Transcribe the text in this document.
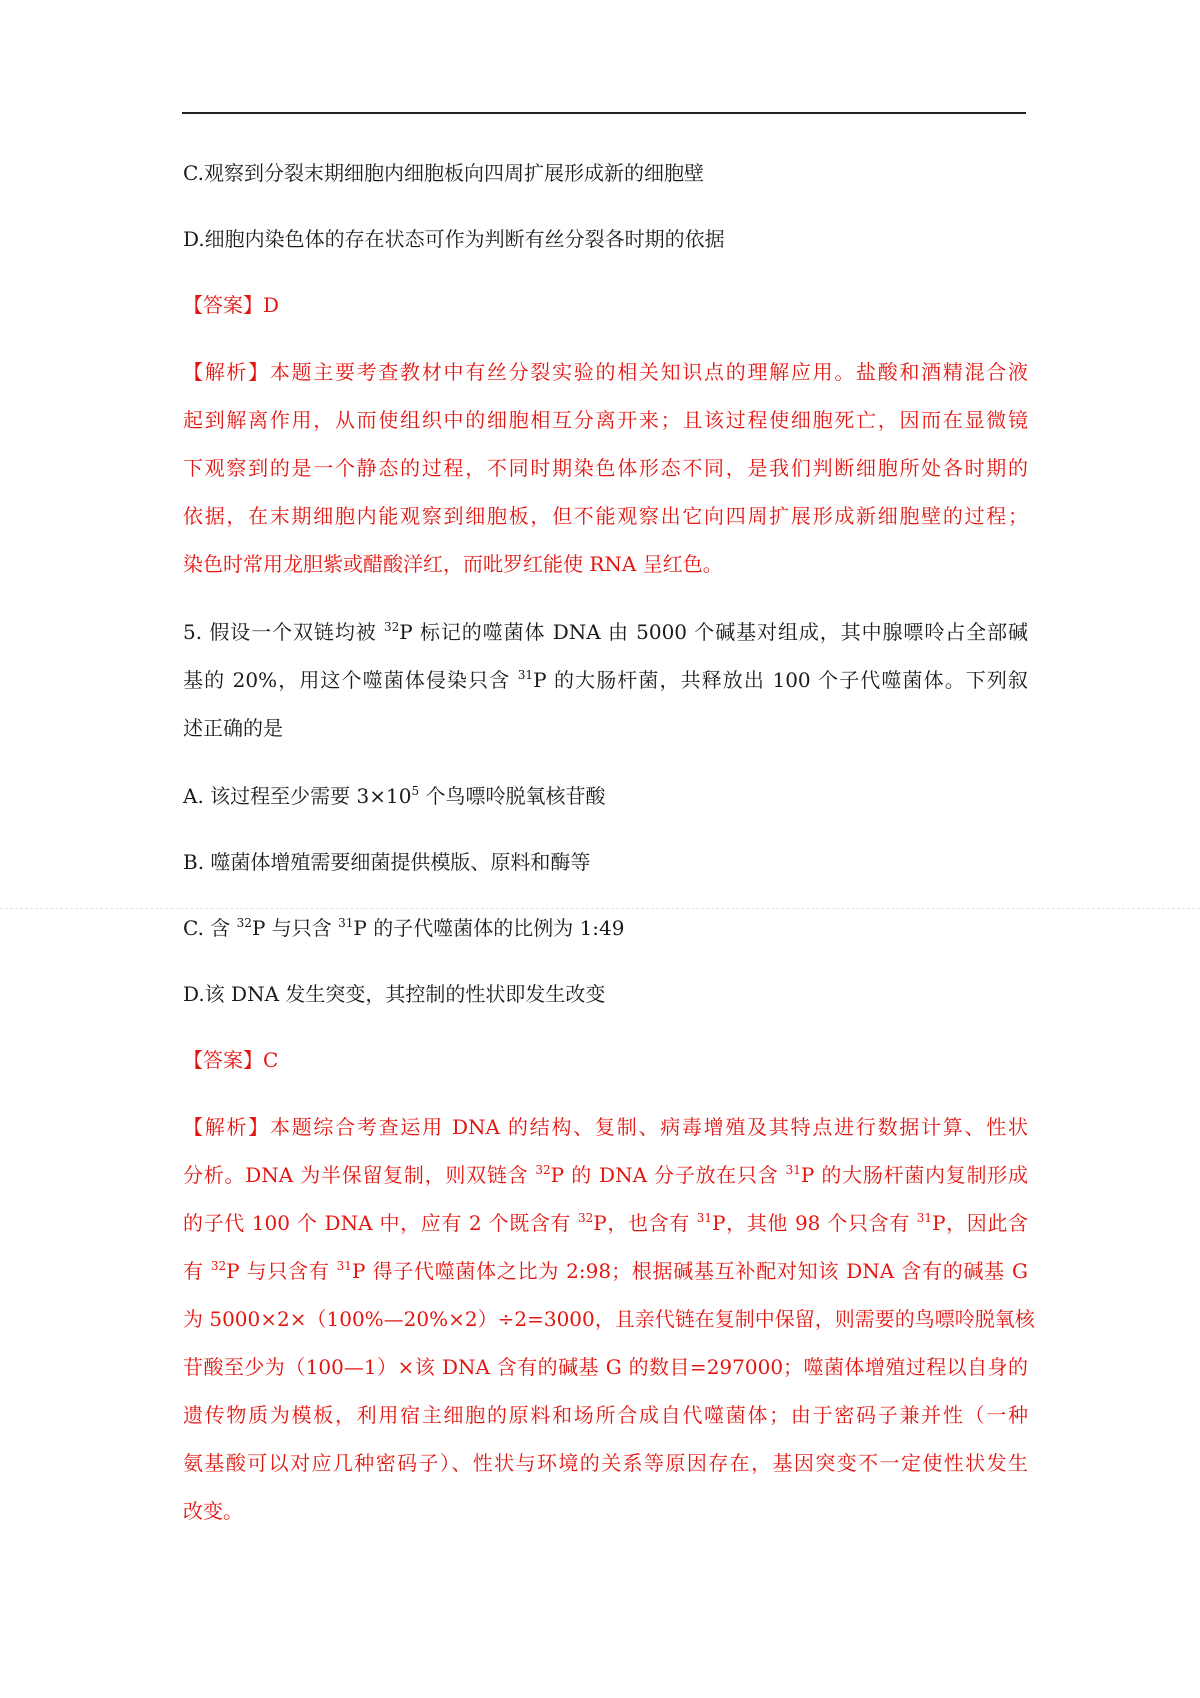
C.观察到分裂末期细胞内细胞板向四周扩展形成新的细胞壁
D.细胞内染色体的存在状态可作为判断有丝分裂各时期的依据
【答案】D
【解析】本题主要考查教材中有丝分裂实验的相关知识点的理解应用。盐酸和酒精混合液
起到解离作用，从而使组织中的细胞相互分离开来；且该过程使细胞死亡，因而在显微镜
下观察到的是一个静态的过程，不同时期染色体形态不同，是我们判断细胞所处各时期的
依据，在末期细胞内能观察到细胞板，但不能观察出它向四周扩展形成新细胞壁的过程；
染色时常用龙胆紫或醋酸洋红，而吡罗红能使 RNA 呈红色。
5. 假设一个双链均被 $^{32}$P 标记的噬菌体 DNA 由 5000 个碱基对组成，其中腺嘌呤占全部碱
基的 20%，用这个噬菌体侵染只含 $^{31}$P 的大肠杆菌，共释放出 100 个子代噬菌体。下列叙
述正确的是
A. 该过程至少需要 $3\times 10^5$ 个鸟嘌呤脱氧核苷酸
B. 噬菌体增殖需要细菌提供模版、原料和酶等
C. 含 $^{32}$P 与只含 $^{31}$P 的子代噬菌体的比例为 1:49
D.该 DNA 发生突变，其控制的性状即发生改变
【答案】C
【解析】本题综合考查运用 DNA 的结构、复制、病毒增殖及其特点进行数据计算、性状
分析。DNA 为半保留复制，则双链含 $^{32}$P 的 DNA 分子放在只含 $^{31}$P 的大肠杆菌内复制形成
的子代 100 个 DNA 中，应有 2 个既含有 $^{32}$P，也含有 $^{31}$P，其他 98 个只含有 $^{31}$P，因此含
有 $^{32}$P 与只含有 $^{31}$P 得子代噬菌体之比为 2:98；根据碱基互补配对知该 DNA 含有的碱基 G
为 5000×2×（100%—20%×2）÷2=3000，且亲代链在复制中保留，则需要的鸟嘌呤脱氧核
苷酸至少为（100—1）×该 DNA 含有的碱基 G 的数目=297000；噬菌体增殖过程以自身的
遗传物质为模板，利用宿主细胞的原料和场所合成自代噬菌体；由于密码子兼并性（一种
氨基酸可以对应几种密码子）、性状与环境的关系等原因存在，基因突变不一定使性状发生
改变。
